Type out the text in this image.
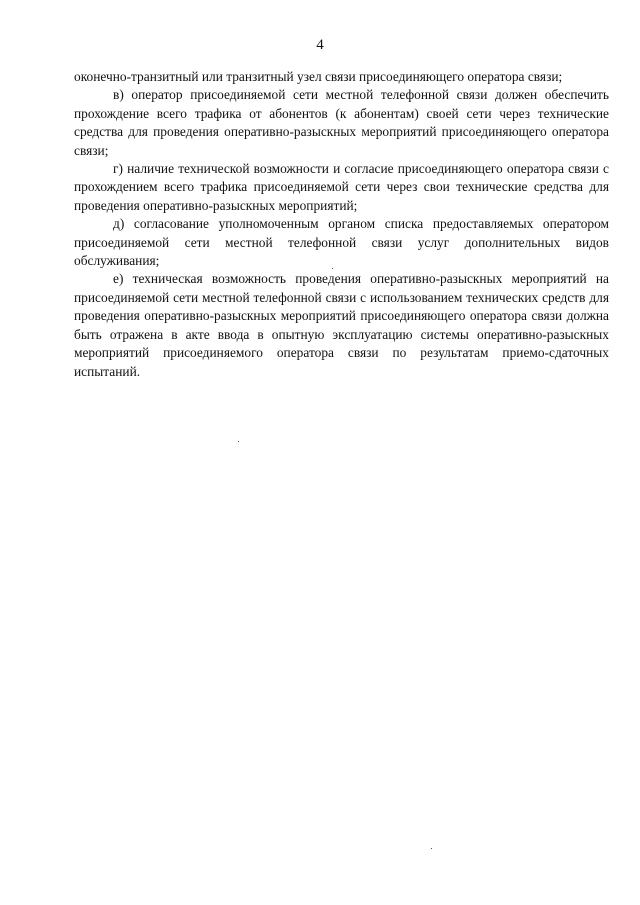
4

оконечно-транзитный или транзитный узел связи присоединяющего оператора связи;

в) оператор присоединяемой сети местной телефонной связи должен обеспечить прохождение всего трафика от абонентов (к абонентам) своей сети через технические средства для проведения оперативно-разыскных мероприятий присоединяющего оператора связи;

г) наличие технической возможности и согласие присоединяющего оператора связи с прохождением всего трафика присоединяемой сети через свои технические средства для проведения оперативно-разыскных мероприятий;

д) согласование уполномоченным органом списка предоставляемых оператором присоединяемой сети местной телефонной связи услуг дополнительных видов обслуживания;

е) техническая возможность проведения оперативно-разыскных мероприятий на присоединяемой сети местной телефонной связи с использованием технических средств для проведения оперативно-разыскных мероприятий присоединяющего оператора связи должна быть отражена в акте ввода в опытную эксплуатацию системы оперативно-разыскных мероприятий присоединяемого оператора связи по результатам приемо-сдаточных испытаний.
